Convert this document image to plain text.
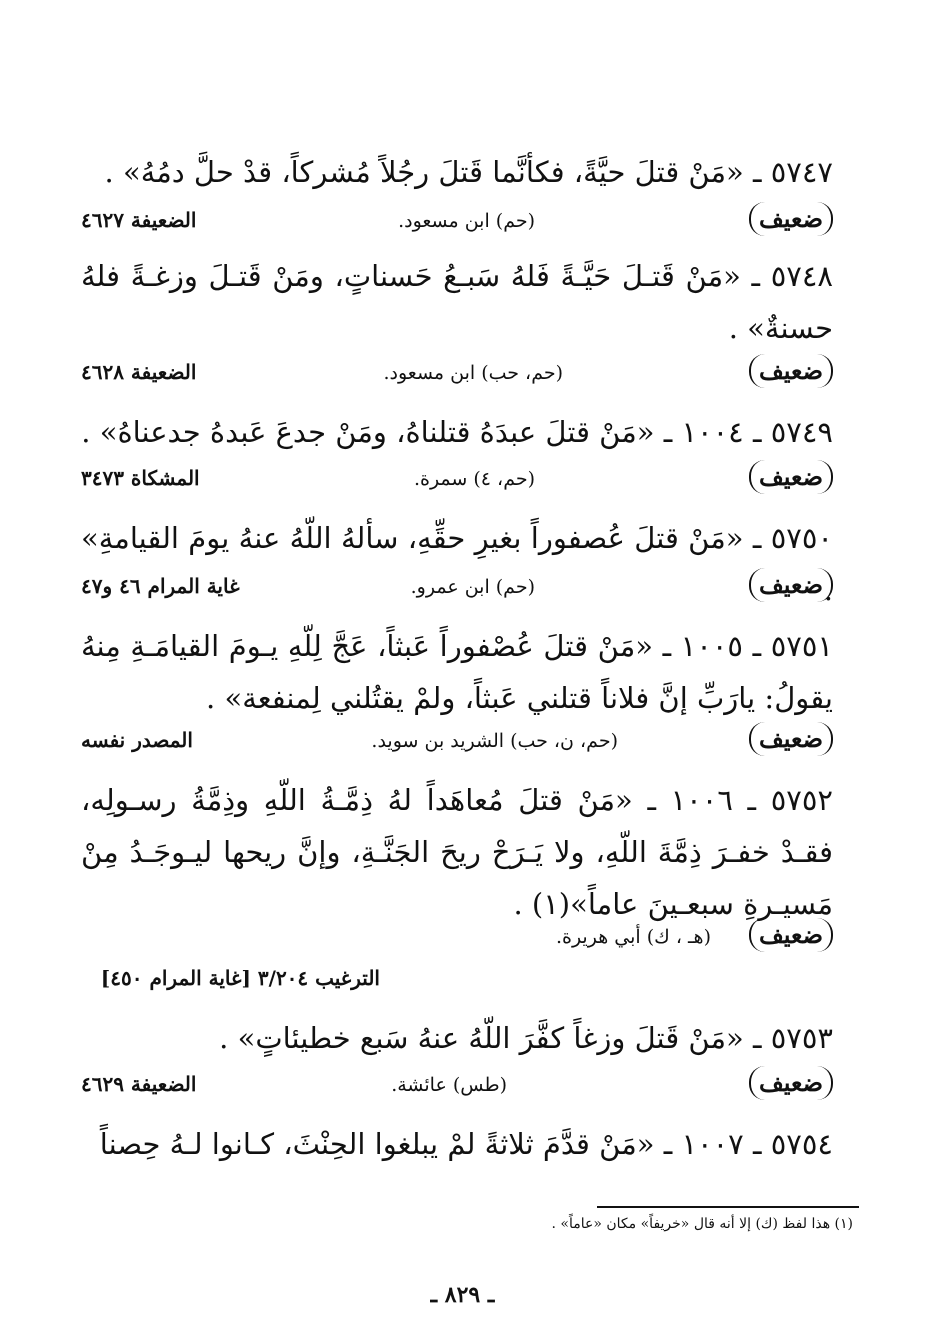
٥٧٤٧ ـ «مَنْ قتلَ حيَّةً، فكأنَّما قَتلَ رجُلاً مُشركاً، قدْ حلَّ دمُهُ» .
ضعيف
(حم) ابن مسعود.
الضعيفة ٤٦٢٧
٥٧٤٨ ـ «مَنْ قَتـلَ حَيَّـةً فَلهُ سَبـعُ حَسناتٍ، ومَنْ قَتـلَ وزغـةً فلهُ حسنةٌ» .
ضعيف
(حم، حب) ابن مسعود.
الضعيفة ٤٦٢٨
٥٧٤٩ ـ ١٠٠٤ ـ «مَنْ قتلَ عبدَهُ قتلناهُ، ومَنْ جدعَ عَبدهُ جدعناهُ» .
ضعيف
(حم، ٤) سمرة.
المشكاة ٣٤٧٣
٥٧٥٠ ـ «مَنْ قتلَ عُصفوراً بغيرِ حقِّهِ، سألهُ اللّهُ عنهُ يومَ القيامةِ» .
ضعيف
(حم) ابن عمرو.
غاية المرام ٤٦ و٤٧
٥٧٥١ ـ ١٠٠٥ ـ «مَنْ قتلَ عُصْفوراً عَبثاً، عَجَّ لِلّهِ يـومَ القيامَـةِ مِنهُ يقولُ: يارَبِّ إنَّ فلاناً قتلني عَبثاً، ولمْ يقتُلني لِمنفعة» .
ضعيف
(حم، ن، حب) الشريد بن سويد.
المصدر نفسه
٥٧٥٢ ـ ١٠٠٦ ـ «مَنْ قتلَ مُعاهَداً لهُ ذِمَّـةُ اللّهِ وذِمَّةُ رسـولِه، فقـدْ خفـرَ ذِمَّةَ اللّهِ، ولا يَـرَحْ ريحَ الجَنَّـةِ، وإنَّ ريحها ليـوجَـدُ مِنْ مَسيـرةِ سبعـينَ عاماً»(١) .
ضعيف
(هـ ، ك) أبي هريرة.
الترغيب ٣/٢٠٤ [غاية المرام ٤٥٠]
٥٧٥٣ ـ «مَنْ قَتلَ وزغاً كفَّرَ اللّهُ عنهُ سَبع خطيئاتٍ» .
ضعيف
(طس) عائشة.
الضعيفة ٤٦٢٩
٥٧٥٤ ـ ١٠٠٧ ـ «مَنْ قدَّمَ ثلاثةً لمْ يبلغوا الحِنْثَ، كـانوا لـهُ حِصناً
(١) هذا لفظ (ك) إلا أنه قال «خريفاً» مكان «عاماً» .
ـ ٨٢٩ ـ
